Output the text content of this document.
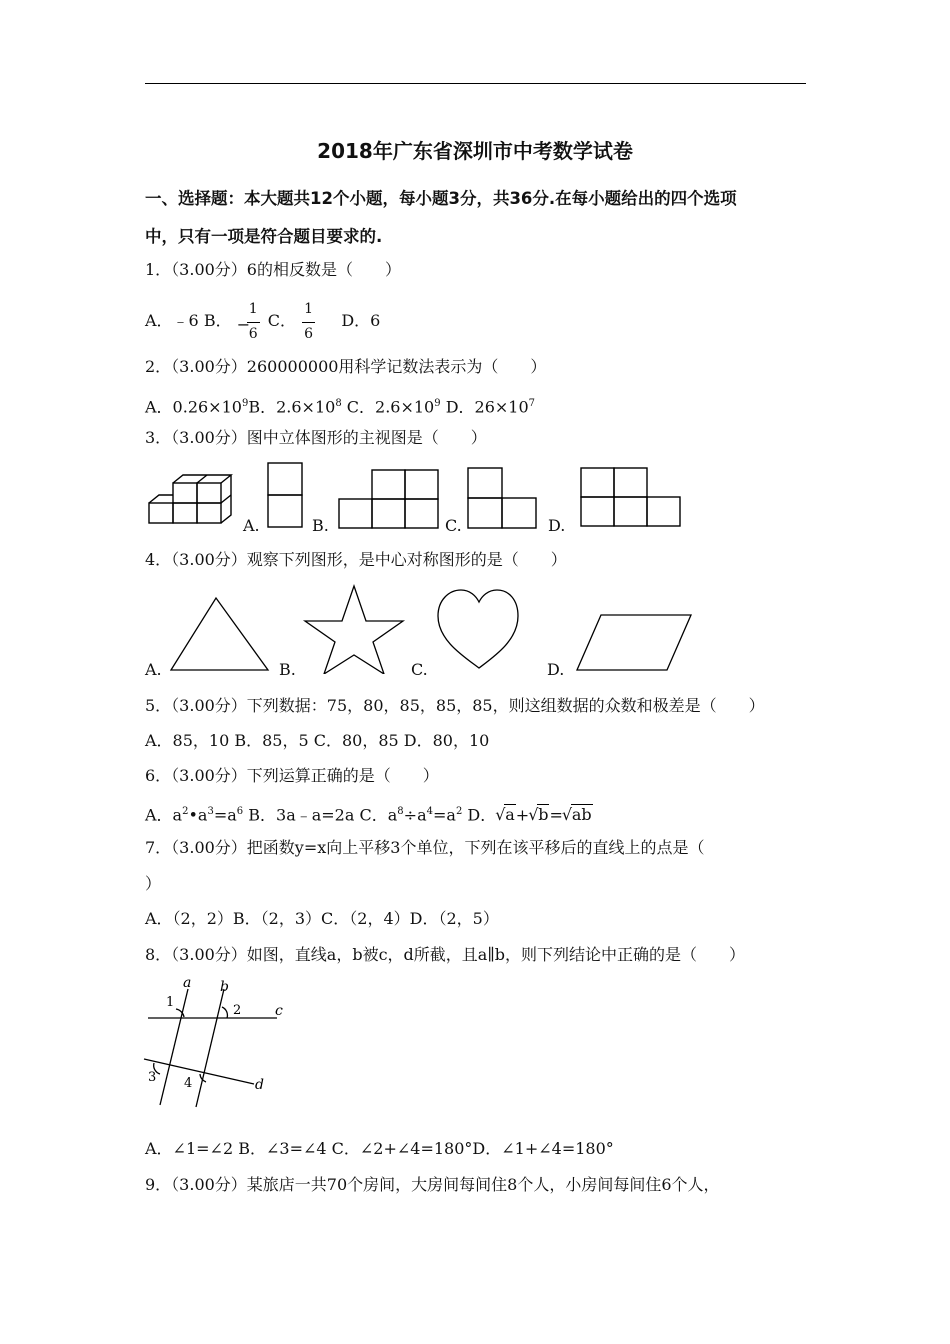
2018年广东省深圳市中考数学试卷
一、选择题：本大题共12个小题，每小题3分，共36分.在每小题给出的四个选项
中，只有一项是符合题目要求的.
1．（3.00分）6的相反数是（　　）
A．﹣6 B． −
1
6
C． $\frac{1}{6}$ D．6
2．（3.00分）260000000用科学记数法表示为（　　）
A．$0.26\times 10^9B$．$2.6\times 10^8$ C．$2.6\times 10^9$ D．$26\times 10^7$
3．（3.00分）图中立体图形的主视图是（　　）
A.	B.	C.	D.
4．（3.00分）观察下列图形，是中心对称图形的是（　　）
A.	B.	C.	D.
5．（3.00分）下列数据：75，80，85，85，85，则这组数据的众数和极差是（　　）
A．85，10 B．85，5 C．80，85 D．80，10
6．（3.00分）下列运算正确的是（　　）
A．$a^2•a^3=a^6$ B．3a﹣a=2a C．$a^8\div a^4=a^2$ D． √ a+ √ b= √ ab
7．（3.00分）把函数y=x向上平移3个单位，下列在该平移后的直线上的点是（
）
A．（2，2）B．（2，3）C．（2，4）D．（2，5）
8．（3.00分）如图，直线a，b被c，d所截，且a∥b，则下列结论中正确的是（　　）
a b
c
d
1
2
3 4
A．∠1=∠2 B．∠3=∠4 C．∠2+∠4=180°D．∠1+∠4=180°
9．（3.00分）某旅店一共70个房间，大房间每间住8个人，小房间每间住6个人，
